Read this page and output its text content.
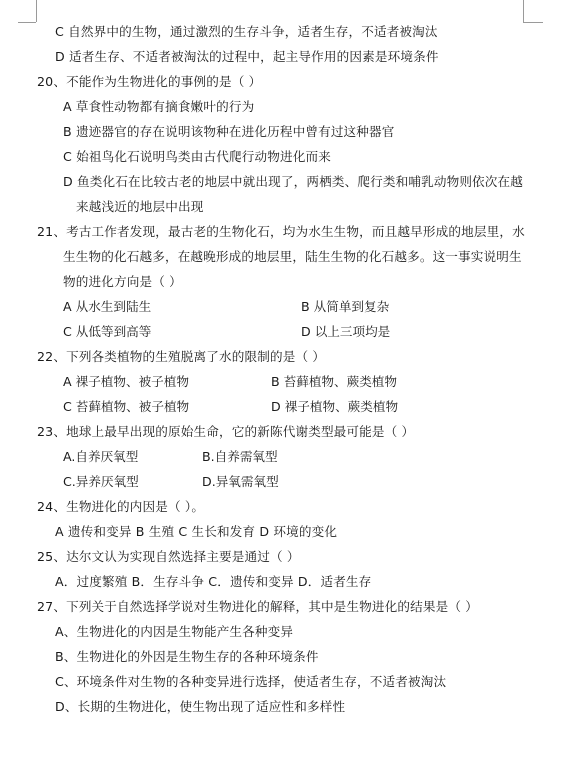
C 自然界中的生物，通过激烈的生存斗争，适者生存，不适者被淘汰
D 适者生存、不适者被淘汰的过程中，起主导作用的因素是环境条件
20、不能作为生物进化的事例的是（ ）
A 草食性动物都有摘食嫩叶的行为
B 遗迹器官的存在说明该物种在进化历程中曾有过这种器官
C 始祖鸟化石说明鸟类由古代爬行动物进化而来
D 鱼类化石在比较古老的地层中就出现了，两栖类、爬行类和哺乳动物则依次在越
来越浅近的地层中出现
21、考古工作者发现，最古老的生物化石，均为水生生物，而且越早形成的地层里，水
生生物的化石越多，在越晚形成的地层里，陆生生物的化石越多。这一事实说明生
物的进化方向是（ ）
A 从水生到陆生	B 从简单到复杂
C 从低等到高等	D 以上三项均是
22、下列各类植物的生殖脱离了水的限制的是（ ）
A 裸子植物、被子植物	B 苔藓植物、蕨类植物
C 苔藓植物、被子植物	D 裸子植物、蕨类植物
23、地球上最早出现的原始生命，它的新陈代谢类型最可能是（ ）
A.自养厌氧型	B.自养需氧型
C.异养厌氧型	D.异氧需氧型
24、生物进化的内因是（ ）。
A 遗传和变异 B 生殖 C 生长和发育 D 环境的变化
25、达尔文认为实现自然选择主要是通过（ ）
A．过度繁殖 B．生存斗争 C．遗传和变异 D．适者生存
27、下列关于自然选择学说对生物进化的解释，其中是生物进化的结果是（ ）
A、生物进化的内因是生物能产生各种变异
B、生物进化的外因是生物生存的各种环境条件
C、环境条件对生物的各种变异进行选择，使适者生存，不适者被淘汰
D、长期的生物进化，使生物出现了适应性和多样性
